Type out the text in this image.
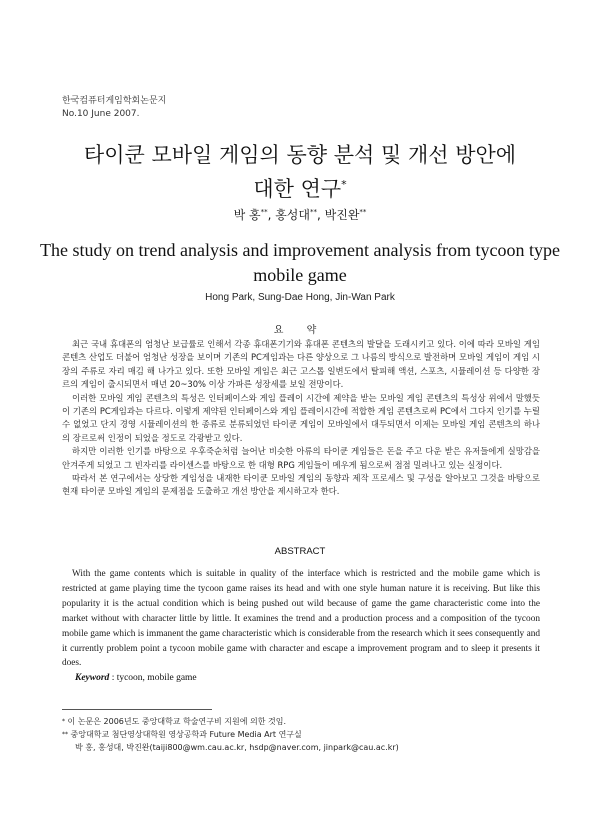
한국컴퓨터게임학회논문지
No.10 June 2007.
타이쿤 모바일 게임의 동향 분석 및 개선 방안에
대한 연구*
박 홍**, 홍성대**, 박진완**
The study on trend analysis and improvement analysis from tycoon type
mobile game
Hong Park, Sung-Dae Hong, Jin-Wan Park
요 약

최근 국내 휴대폰의 엄청난 보급률로 인해서 각종 휴대폰기기와 휴대폰 콘텐츠의 발달을 도래시키고 있다. 이에 따라 모바일 게임 콘텐츠 산업도 더불어 엄청난 성장을 보이며 기존의 PC게임과는 다른 양상으로 그 나름의 방식으로 발전하며 모바일 게임이 게임 시장의 주류로 자리 매김 해 나가고 있다. 또한 모바일 게임은 최근 고스톱 일변도에서 탈피해 액션, 스포츠, 시뮬레이션 등 다양한 장르의 게임이 출시되면서 매년 20~30% 이상 가파른 성장세를 보일 전망이다.

이러한 모바일 게임 콘텐츠의 특성은 인터페이스와 게임 플레이 시간에 제약을 받는 모바일 게임 콘텐츠의 특성상 위에서 말했듯이 기존의 PC게임과는 다르다. 이렇게 제약된 인터페이스와 게임 플레이시간에 적합한 게임 콘텐츠로써 PC에서 그다지 인기를 누릴 수 없었고 단지 경영 시뮬레이션의 한 종류로 분류되었던 타이쿤 게임이 모바일에서 대두되면서 이제는 모바일 게임 콘텐츠의 하나의 장르로써 인정이 되었을 정도로 각광받고 있다.

하지만 이러한 인기를 바탕으로 우후죽순처럼 늘어난 비슷한 아류의 타이쿤 게임들은 돈을 주고 다운 받은 유저들에게 실망감을 안겨주게 되었고 그 빈자리를 라이센스를 바탕으로 한 대형 RPG 게임들이 메우게 됨으로써 점점 밀려나고 있는 실정이다.

따라서 본 연구에서는 상당한 게임성을 내재한 타이쿤 모바일 게임의 동향과 제작 프로세스 및 구성을 알아보고 그것을 바탕으로 현재 타이쿤 모바일 게임의 문제점을 도출하고 개선 방안을 제시하고자 한다.

ABSTRACT

With the game contents which is suitable in quality of the interface which is restricted and the mobile game which is restricted at game playing time the tycoon game raises its head and with one style human nature it is receiving. But like this popularity it is the actual condition which is being pushed out wild because of game the game characteristic come into the market without with character little by little. It examines the trend and a production process and a composition of the tycoon mobile game which is immanent the game characteristic which is considerable from the research which it sees consequently and it currently problem point a tycoon mobile game with character and escape a improvement program and to sleep it presents it does.

Keyword : tycoon, mobile game
* 이 논문은 2006년도 중앙대학교 학술연구비 지원에 의한 것임.
** 중앙대학교 첨단영상대학원 영상공학과 Future Media Art 연구실
박 홍, 홍성대, 박진완(taiji800@wm.cau.ac.kr, hsdp@naver.com, jinpark@cau.ac.kr)
